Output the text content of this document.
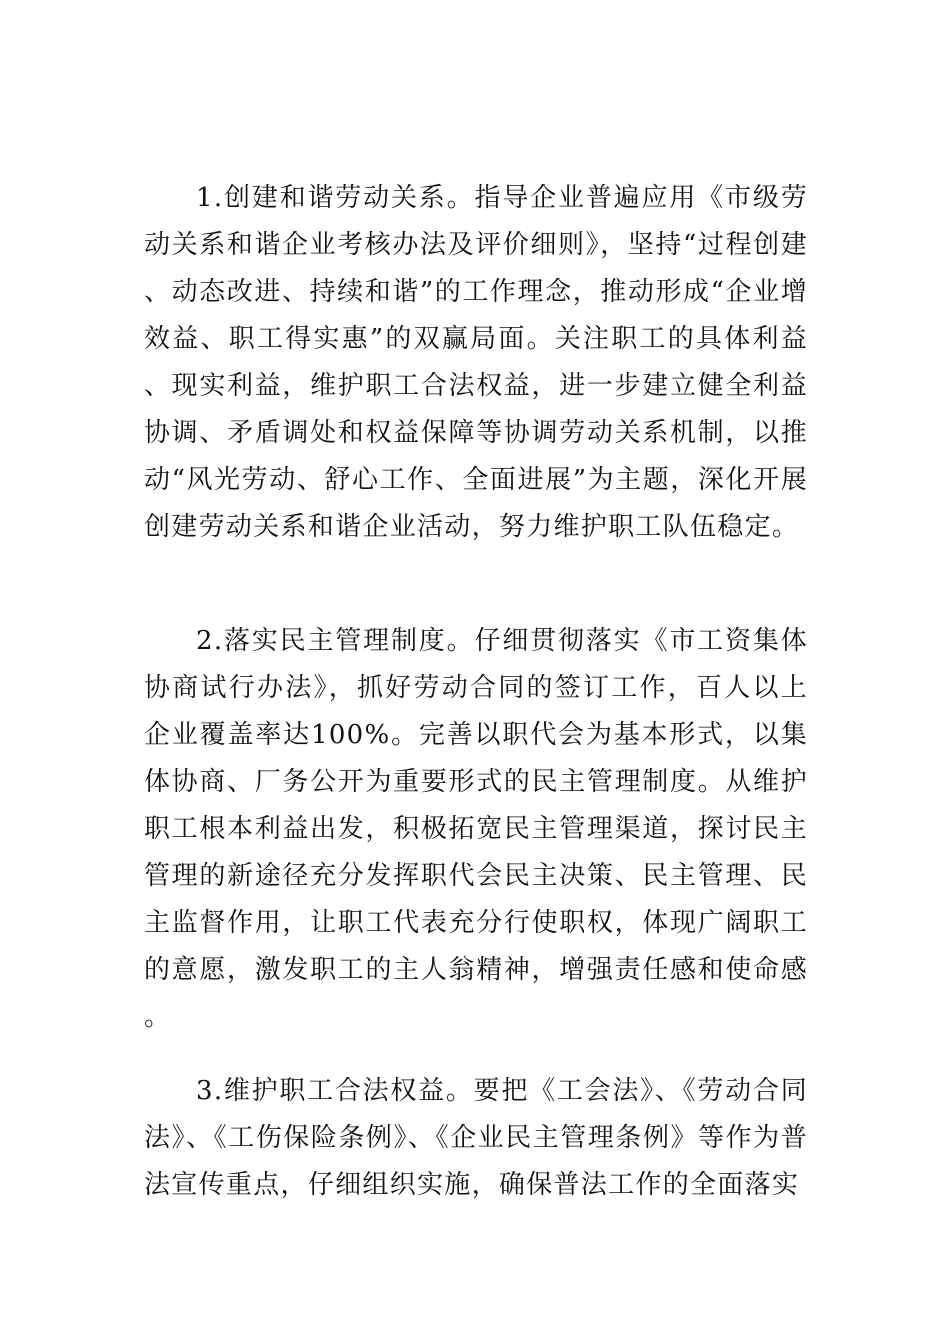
1.创建和谐劳动关系。指导企业普遍应用《市级劳动关系和谐企业考核办法及评价细则》，坚持“过程创建、动态改进、持续和谐”的工作理念，推动形成“企业增效益、职工得实惠”的双赢局面。关注职工的具体利益、现实利益，维护职工合法权益，进一步建立健全利益协调、矛盾调处和权益保障等协调劳动关系机制，以推动“风光劳动、舒心工作、全面进展”为主题，深化开展创建劳动关系和谐企业活动，努力维护职工队伍稳定。

2.落实民主管理制度。仔细贯彻落实《市工资集体协商试行办法》，抓好劳动合同的签订工作，百人以上企业覆盖率达100%。完善以职代会为基本形式，以集体协商、厂务公开为重要形式的民主管理制度。从维护职工根本利益出发，积极拓宽民主管理渠道，探讨民主管理的新途径充分发挥职代会民主决策、民主管理、民主监督作用，让职工代表充分行使职权，体现广阔职工的意愿，激发职工的主人翁精神，增强责任感和使命感。

3.维护职工合法权益。要把《工会法》、《劳动合同法》、《工伤保险条例》、《企业民主管理条例》等作为普法宣传重点，仔细组织实施，确保普法工作的全面落实
